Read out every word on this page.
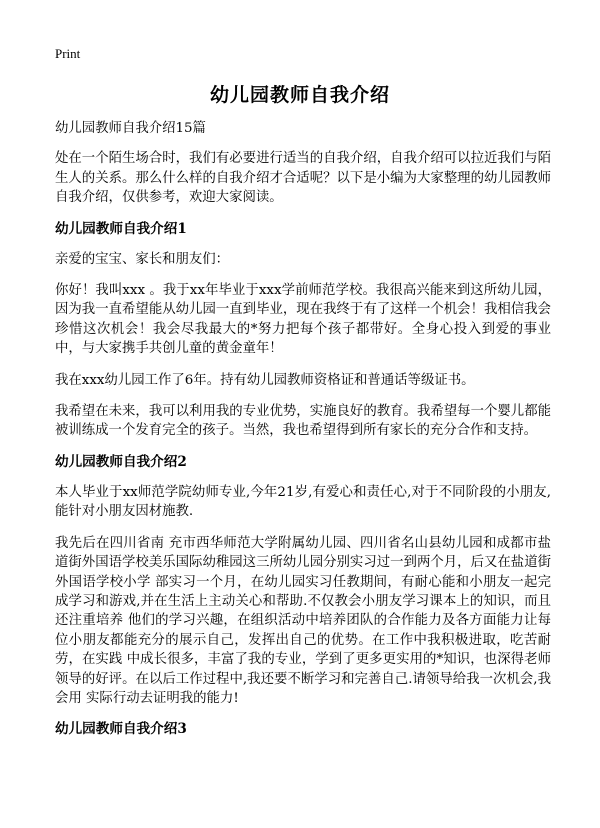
Print
幼儿园教师自我介绍

幼儿园教师自我介绍15篇

处在一个陌生场合时，我们有必要进行适当的自我介绍，自我介绍可以拉近我们与陌生人的关系。那么什么样的自我介绍才合适呢？以下是小编为大家整理的幼儿园教师自我介绍，仅供参考，欢迎大家阅读。

幼儿园教师自我介绍1

亲爱的宝宝、家长和朋友们：

你好！我叫xxx 。我于xx年毕业于xxx学前师范学校。我很高兴能来到这所幼儿园，因为我一直希望能从幼儿园一直到毕业，现在我终于有了这样一个机会！我相信我会珍惜这次机会！我会尽我最大的*努力把每个孩子都带好。全身心投入到爱的事业中，与大家携手共创儿童的黄金童年！

我在xxx幼儿园工作了6年。持有幼儿园教师资格证和普通话等级证书。

我希望在未来，我可以利用我的专业优势，实施良好的教育。我希望每一个婴儿都能被训练成一个发育完全的孩子。当然，我也希望得到所有家长的充分合作和支持。

幼儿园教师自我介绍2

本人毕业于xx师范学院幼师专业,今年21岁,有爱心和责任心,对于不同阶段的小朋友,能针对小朋友因材施教.

我先后在四川省南 充市西华师范大学附属幼儿园、四川省名山县幼儿园和成都市盐道街外国语学校美乐国际幼稚园这三所幼儿园分别实习过一到两个月，后又在盐道街外国语学校小学 部实习一个月，在幼儿园实习任教期间，有耐心能和小朋友一起完成学习和游戏,并在生活上主动关心和帮助.不仅教会小朋友学习课本上的知识，而且还注重培养 他们的学习兴趣，在组织活动中培养团队的合作能力及各方面能力让每位小朋友都能充分的展示自己，发挥出自己的优势。在工作中我积极进取，吃苦耐劳，在实践 中成长很多，丰富了我的专业，学到了更多更实用的*知识，也深得老师领导的好评。在以后工作过程中,我还要不断学习和完善自己.请领导给我一次机会,我会用 实际行动去证明我的能力!

幼儿园教师自我介绍3
